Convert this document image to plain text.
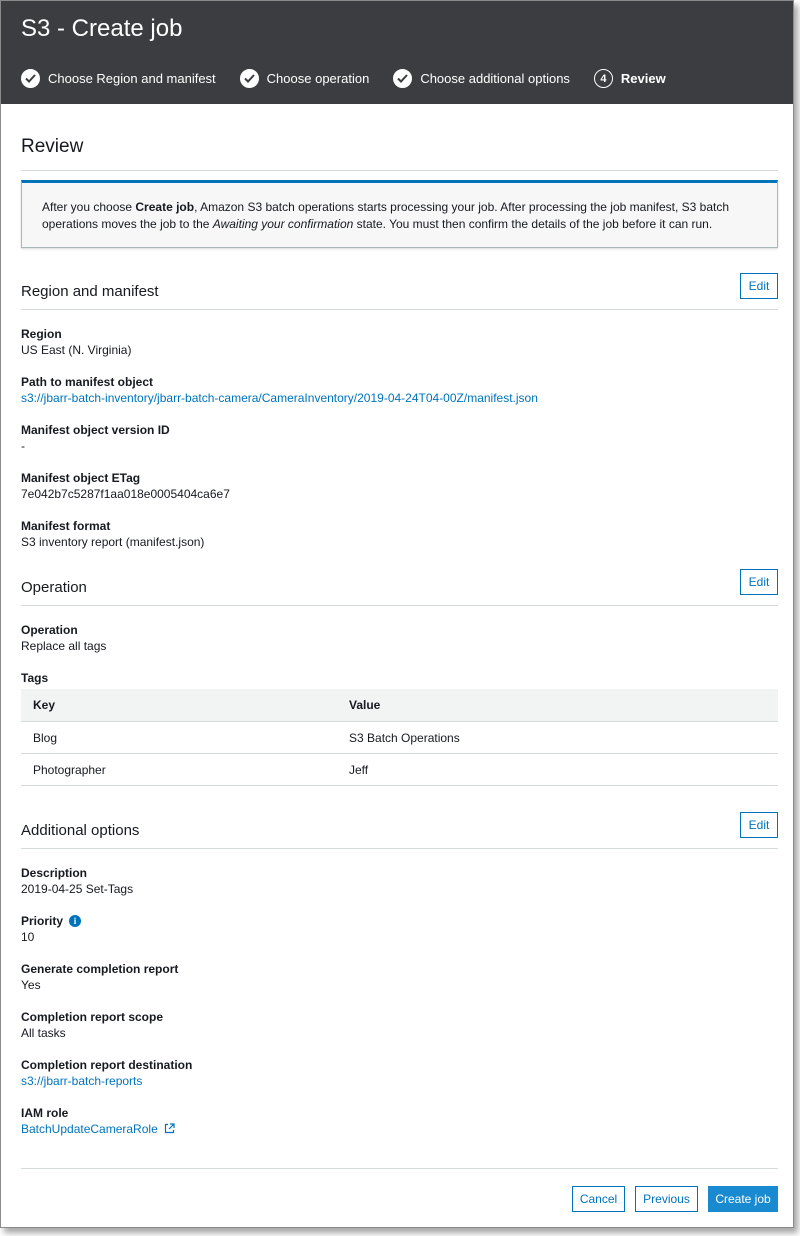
S3 - Create job
Choose Region and manifest	Choose operation	Choose additional options	4	Review
Review
After you choose Create job, Amazon S3 batch operations starts processing your job. After processing the job manifest, S3 batch operations moves the job to the Awaiting your confirmation state. You must then confirm the details of the job before it can run.
Region and manifest	Edit
Region
US East (N. Virginia)
Path to manifest object
s3://jbarr-batch-inventory/jbarr-batch-camera/CameraInventory/2019-04-24T04-00Z/manifest.json
Manifest object version ID
-
Manifest object ETag
7e042b7c5287f1aa018e0005404ca6e7
Manifest format
S3 inventory report (manifest.json)
Operation	Edit
Operation
Replace all tags
Tags
Key	Value
Blog	S3 Batch Operations
Photographer	Jeff
Additional options	Edit
Description
2019-04-25 Set-Tags
Priority	i
10
Generate completion report
Yes
Completion report scope
All tasks
Completion report destination
s3://jbarr-batch-reports
IAM role
BatchUpdateCameraRole
Cancel	Previous	Create job
